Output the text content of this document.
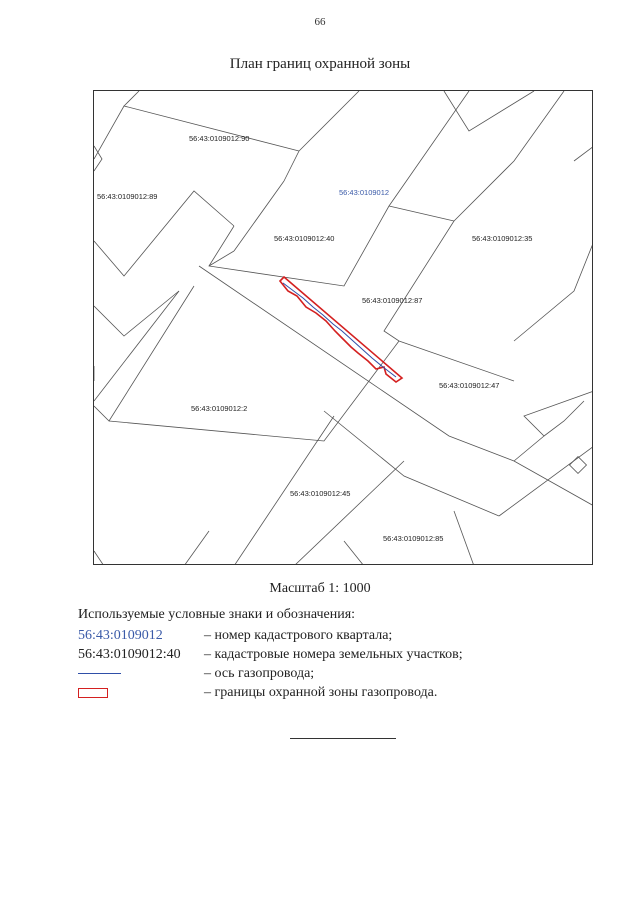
66
План границ охранной зоны
56:43:0109012
56:43:0109012:90
56:43:0109012:89
56:43:0109012:40	56:43:0109012:35
56:43:0109012:87
56:43:0109012:47
56:43:0109012:2
56:43:0109012:45
56:43:0109012:85
Масштаб 1: 1000
Используемые условные знаки и обозначения:
56:43:0109012	– номер кадастрового квартала;
56:43:0109012:40 – кадастровые номера земельных участков;
– ось газопровода;
– границы охранной зоны газопровода.
